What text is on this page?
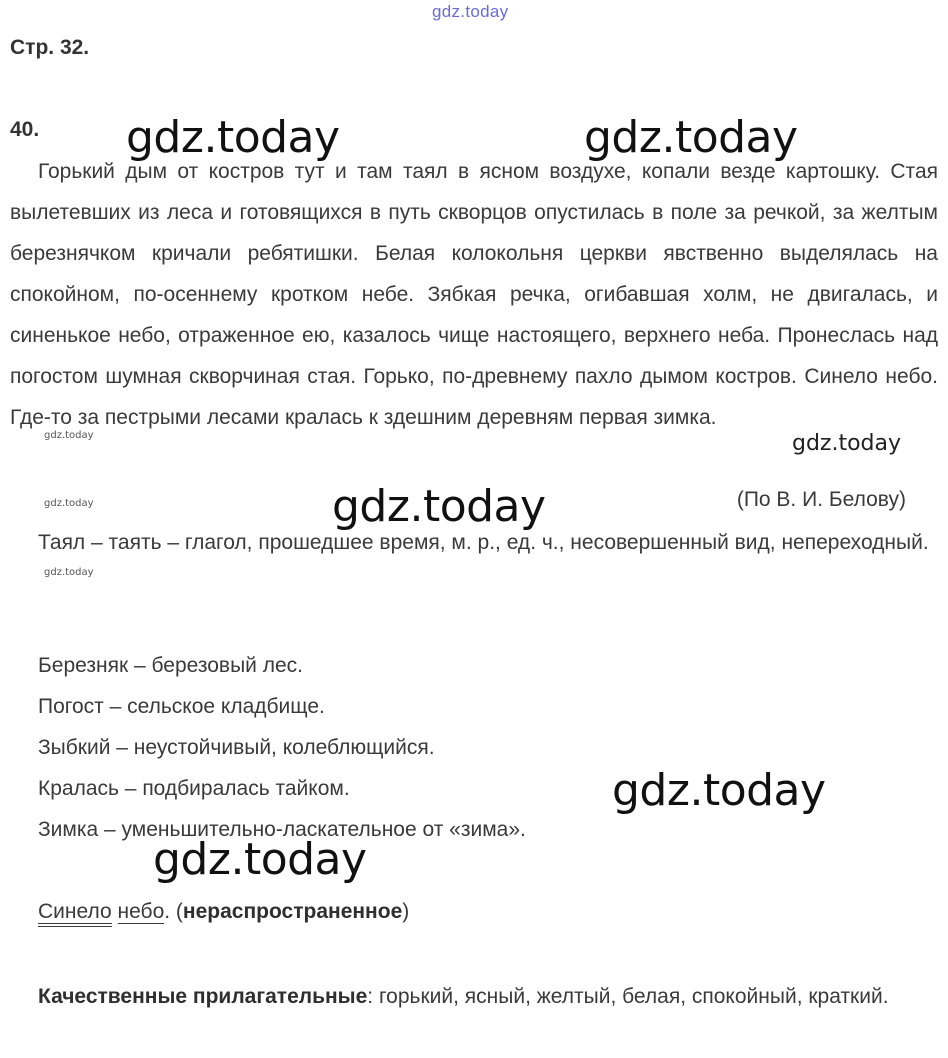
gdz.today
gdz.today	gdz.today
gdz.today	gdz.today
gdz.today	gdz.today
gdz.today
gdz.today
gdz.today
Стр. 32.
40.
Горький дым от костров тут и там таял в ясном воздухе, копали везде картошку. Стая вылетевших из леса и готовящихся в путь скворцов опустилась в поле за речкой, за желтым березнячком кричали ребятишки. Белая колокольня церкви явственно выделялась на спокойном, по-осеннему кротком небе. Зябкая речка, огибавшая холм, не двигалась, и синенькое небо, отраженное ею, казалось чище настоящего, верхнего неба. Пронеслась над погостом шумная скворчиная стая. Горько, по-древнему пахло дымом костров. Синело небо. Где-то за пестрыми лесами кралась к здешним деревням первая зимка.
(По В. И. Белову)
Таял – таять – глагол, прошедшее время, м. р., ед. ч., несовершенный вид, непереходный.
Березняк – березовый лес.
Погост – сельское кладбище.
Зыбкий – неустойчивый, колеблющийся.
Кралась – подбиралась тайком.
Зимка – уменьшительно-ласкательное от «зима».
Синело небо. (нераспространенное)
Качественные прилагательные: горький, ясный, желтый, белая, спокойный, краткий.
